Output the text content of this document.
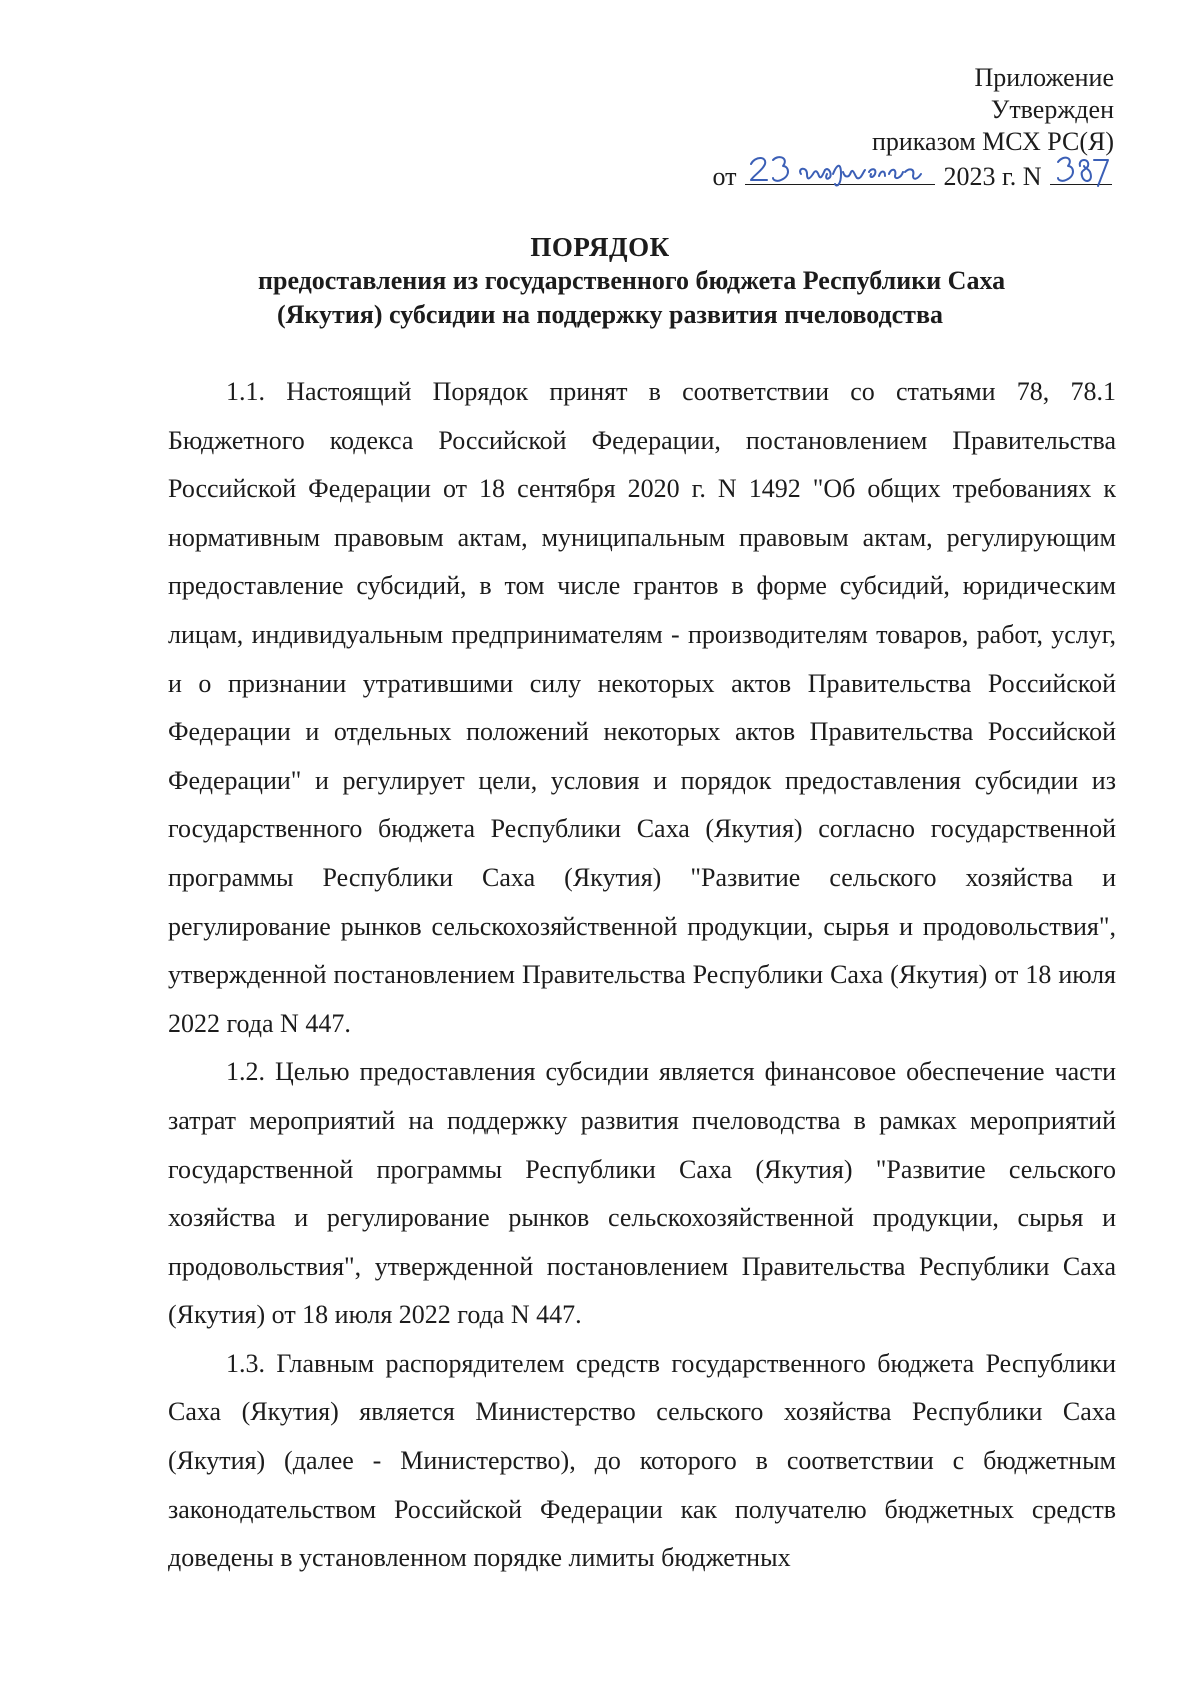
Приложение
Утвержден
приказом МСХ РС(Я)
от	2023 г. N
ПОРЯДОК
предоставления из государственного бюджета Республики Саха
(Якутия) субсидии на поддержку развития пчеловодства

1.1. Настоящий Порядок принят в соответствии со статьями 78, 78.1 Бюджетного кодекса Российской Федерации, постановлением Правительства Российской Федерации от 18 сентября 2020 г. N 1492 "Об общих требованиях к нормативным правовым актам, муниципальным правовым актам, регулирующим предоставление субсидий, в том числе грантов в форме субсидий, юридическим лицам, индивидуальным предпринимателям - производителям товаров, работ, услуг, и о признании утратившими силу некоторых актов Правительства Российской Федерации и отдельных положений некоторых актов Правительства Российской Федерации" и регулирует цели, условия и порядок предоставления субсидии из государственного бюджета Республики Саха (Якутия) согласно государственной программы Республики Саха (Якутия) "Развитие сельского хозяйства и регулирование рынков сельскохозяйственной продукции, сырья и продовольствия", утвержденной постановлением Правительства Республики Саха (Якутия) от 18 июля 2022 года N 447.

1.2. Целью предоставления субсидии является финансовое обеспечение части затрат мероприятий на поддержку развития пчеловодства в рамках мероприятий государственной программы Республики Саха (Якутия) "Развитие сельского хозяйства и регулирование рынков сельскохозяйственной продукции, сырья и продовольствия", утвержденной постановлением Правительства Республики Саха (Якутия) от 18 июля 2022 года N 447.

1.3. Главным распорядителем средств государственного бюджета Республики Саха (Якутия) является Министерство сельского хозяйства Республики Саха (Якутия) (далее - Министерство), до которого в соответствии с бюджетным законодательством Российской Федерации как получателю бюджетных средств доведены в установленном порядке лимиты бюджетных
